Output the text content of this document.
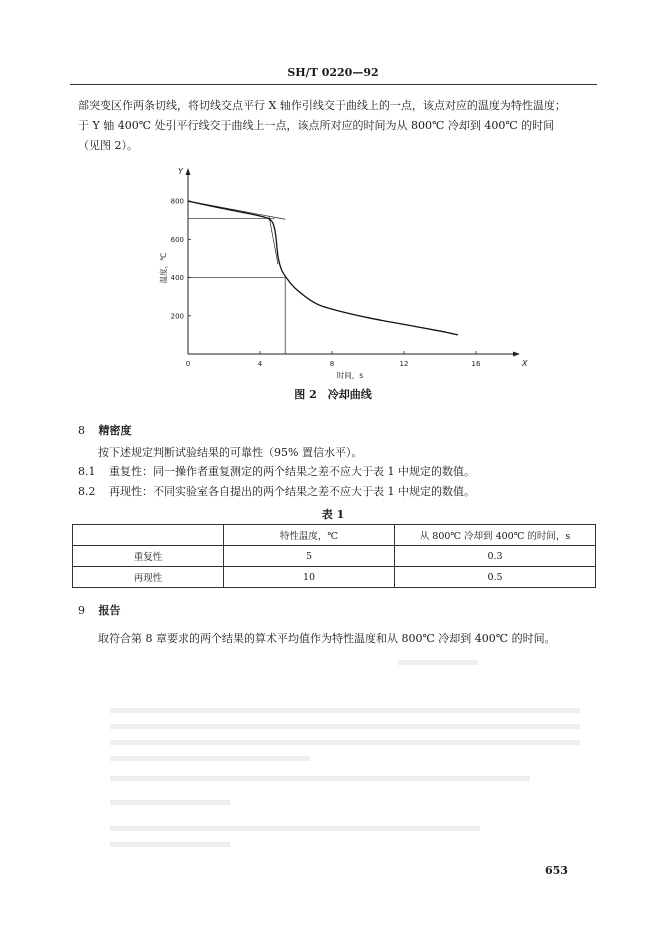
SH/T 0220—92
部突变区作两条切线，将切线交点平行 X 轴作引线交于曲线上的一点，该点对应的温度为特性温度；
于 Y 轴 400℃ 处引平行线交于曲线上一点，该点所对应的时间为从 800℃ 冷却到 400℃ 的时间
（见图 2）。
X
Y
0	4	8	12	16
200
400
600
800
时间，s
温度，℃
图 2　冷却曲线
8 精密度
按下述规定判断试验结果的可靠性（95% 置信水平）。
8.1 重复性：同一操作者重复测定的两个结果之差不应大于表 1 中规定的数值。
8.2 再现性：不同实验室各自提出的两个结果之差不应大于表 1 中规定的数值。
表 1
	特性温度，℃	从 800℃ 冷却到 400℃ 的时间，s
重复性	5	0.3
再现性	10	0.5
9 报告
取符合第 8 章要求的两个结果的算术平均值作为特性温度和从 800℃ 冷却到 400℃ 的时间。
653
